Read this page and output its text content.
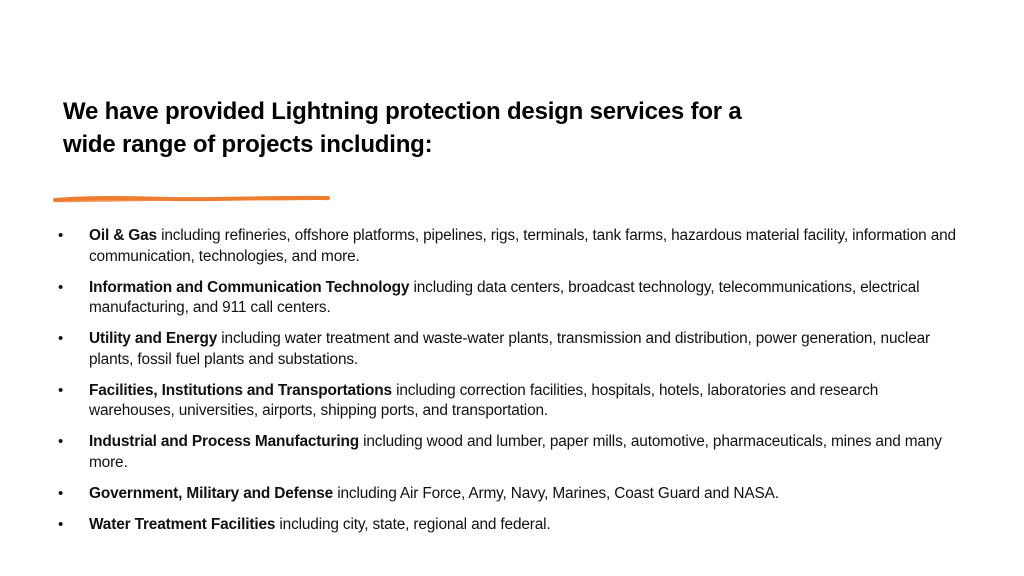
We have provided Lightning protection design services for a
wide range of projects including:
• Oil & Gas including refineries, offshore platforms, pipelines, rigs, terminals, tank farms, hazardous material facility, information and communication, technologies, and more.
• Information and Communication Technology including data centers, broadcast technology, telecommunications, electrical manufacturing, and 911 call centers.
• Utility and Energy including water treatment and waste-water plants, transmission and distribution, power generation, nuclear plants, fossil fuel plants and substations.
• Facilities, Institutions and Transportations including correction facilities, hospitals, hotels, laboratories and research warehouses, universities, airports, shipping ports, and transportation.
• Industrial and Process Manufacturing including wood and lumber, paper mills, automotive, pharmaceuticals, mines and many more.
• Government, Military and Defense including Air Force, Army, Navy, Marines, Coast Guard and NASA.
• Water Treatment Facilities including city, state, regional and federal.
